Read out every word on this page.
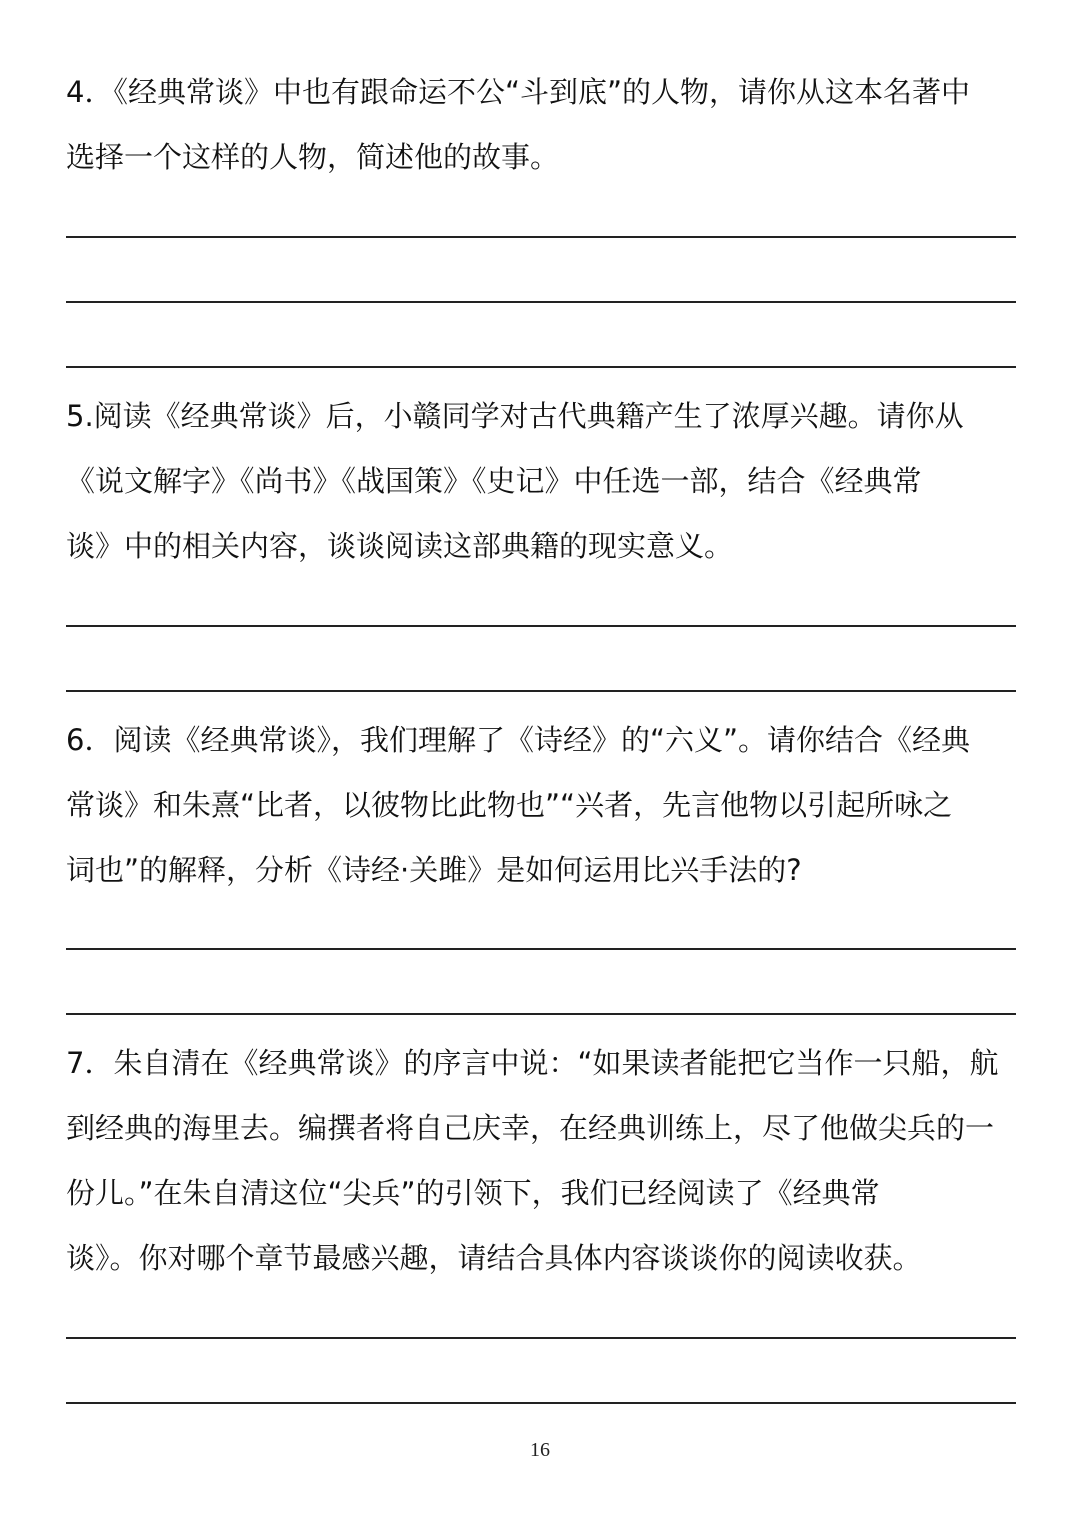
4．《经典常谈》中也有跟命运不公“斗到底”的人物，请你从这本名著中
选择一个这样的人物，简述他的故事。
5.阅读《经典常谈》后，小赣同学对古代典籍产生了浓厚兴趣。请你从
《说文解字》《尚书》《战国策》《史记》中任选一部，结合《经典常
谈》中的相关内容，谈谈阅读这部典籍的现实意义。
6．阅读《经典常谈》，我们理解了《诗经》的“六义”。请你结合《经典
常谈》和朱熹“比者，以彼物比此物也”“兴者，先言他物以引起所咏之
词也”的解释，分析《诗经·关雎》是如何运用比兴手法的?
7．朱自清在《经典常谈》的序言中说：“如果读者能把它当作一只船，航
到经典的海里去。编撰者将自己庆幸，在经典训练上，尽了他做尖兵的一
份儿。”在朱自清这位“尖兵”的引领下，我们已经阅读了《经典常
谈》。你对哪个章节最感兴趣，请结合具体内容谈谈你的阅读收获。
16
